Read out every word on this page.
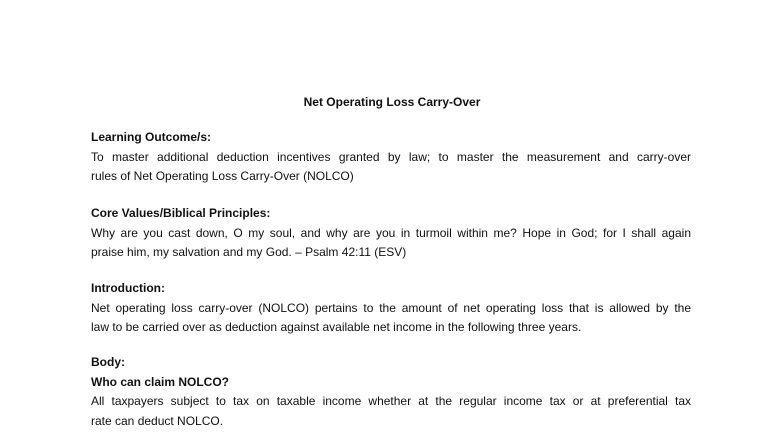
Net Operating Loss Carry-Over
Learning Outcome/s:
To master additional deduction incentives granted by law; to master the measurement and carry-over
rules of Net Operating Loss Carry-Over (NOLCO)
Core Values/Biblical Principles:
Why are you cast down, O my soul, and why are you in turmoil within me? Hope in God; for I shall again
praise him, my salvation and my God. – Psalm 42:11 (ESV)
Introduction:
Net operating loss carry-over (NOLCO) pertains to the amount of net operating loss that is allowed by the
law to be carried over as deduction against available net income in the following three years.
Body:
Who can claim NOLCO?
All taxpayers subject to tax on taxable income whether at the regular income tax or at preferential tax
rate can deduct NOLCO.
